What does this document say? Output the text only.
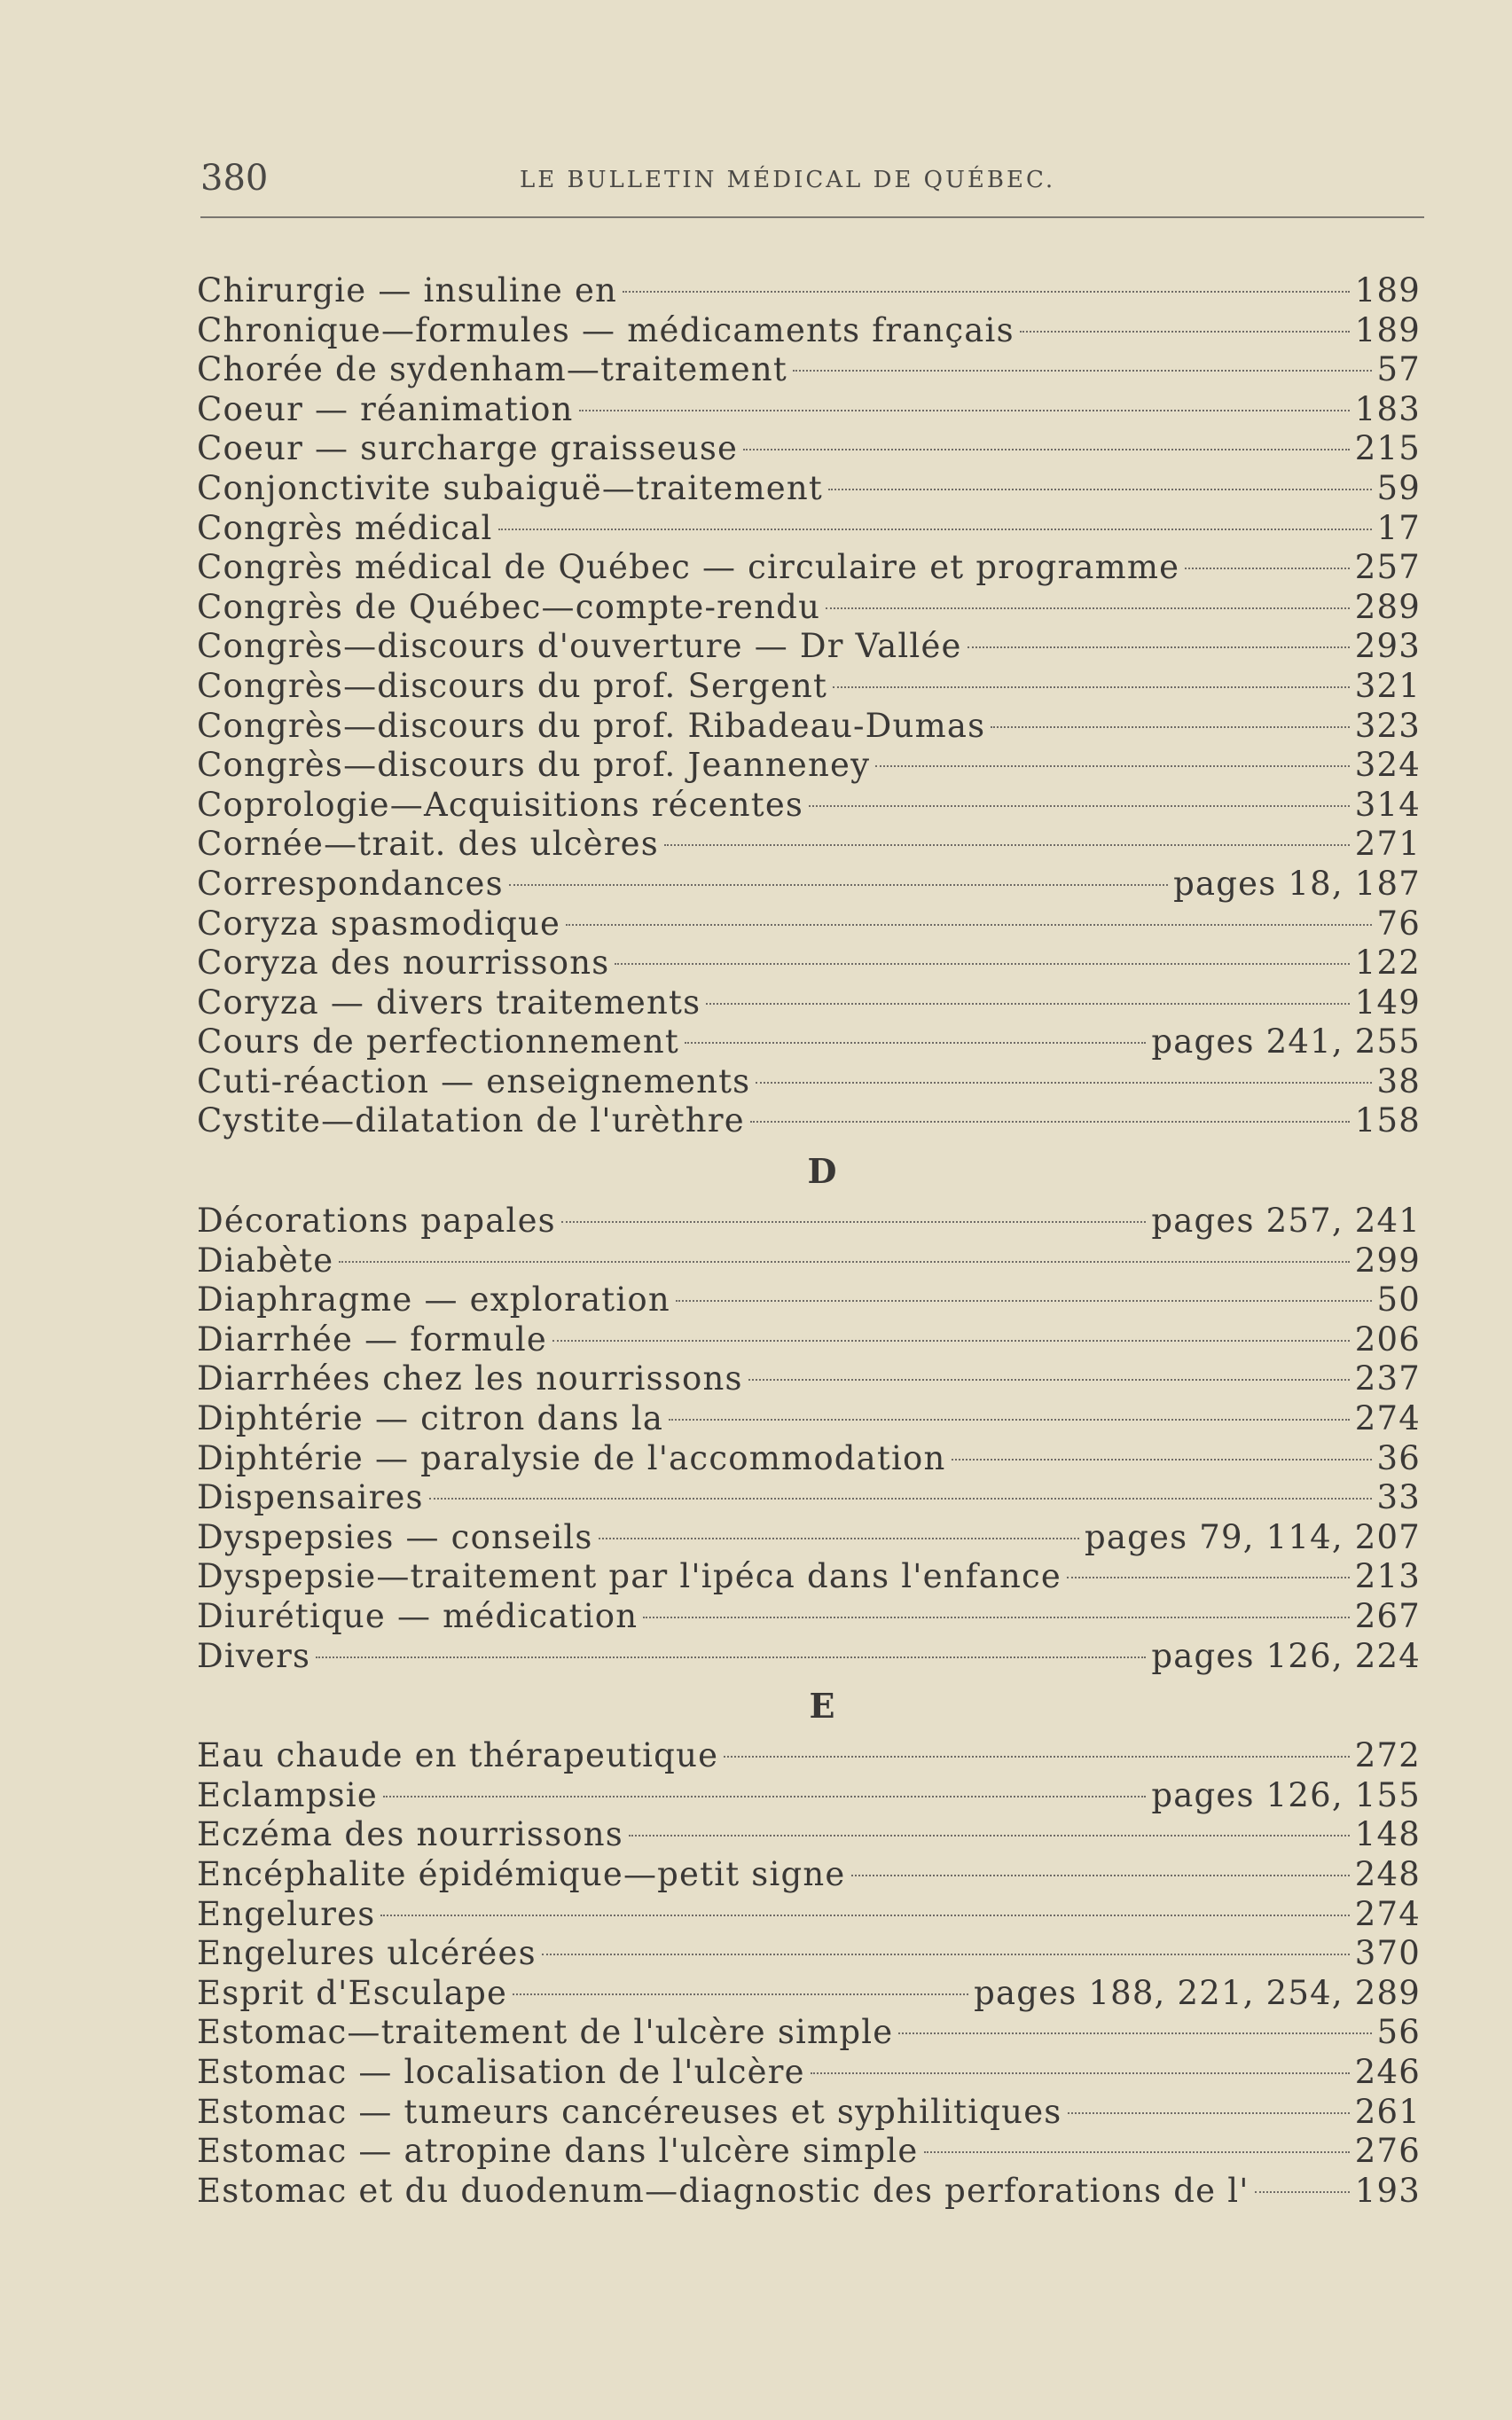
380	LE BULLETIN MÉDICAL DE QUÉBEC.
Chirurgie — insuline en	189
Chronique—formules — médicaments français	189
Chorée de sydenham—traitement	57
Coeur — réanimation	183
Coeur — surcharge graisseuse	215
Conjonctivite subaiguë—traitement	59
Congrès médical	17
Congrès médical de Québec — circulaire et programme	257
Congrès de Québec—compte-rendu	289
Congrès—discours d'ouverture — Dr Vallée	293
Congrès—discours du prof. Sergent	321
Congrès—discours du prof. Ribadeau-Dumas	323
Congrès—discours du prof. Jeanneney	324
Coprologie—Acquisitions récentes	314
Cornée—trait. des ulcères	271
Correspondances	pages 18, 187
Coryza spasmodique	76
Coryza des nourrissons	122
Coryza — divers traitements	149
Cours de perfectionnement	pages 241, 255
Cuti-réaction — enseignements	38
Cystite—dilatation de l'urèthre	158
D
Décorations papales	pages 257, 241
Diabète	299
Diaphragme — exploration	50
Diarrhée — formule	206
Diarrhées chez les nourrissons	237
Diphtérie — citron dans la	274
Diphtérie — paralysie de l'accommodation	36
Dispensaires	33
Dyspepsies — conseils	pages 79, 114, 207
Dyspepsie—traitement par l'ipéca dans l'enfance	213
Diurétique — médication	267
Divers	pages 126, 224
E
Eau chaude en thérapeutique	272
Eclampsie	pages 126, 155
Eczéma des nourrissons	148
Encéphalite épidémique—petit signe	248
Engelures	274
Engelures ulcérées	370
Esprit d'Esculape	pages 188, 221, 254, 289
Estomac—traitement de l'ulcère simple	56
Estomac — localisation de l'ulcère	246
Estomac — tumeurs cancéreuses et syphilitiques	261
Estomac — atropine dans l'ulcère simple	276
Estomac et du duodenum—diagnostic des perforations de l'	193
